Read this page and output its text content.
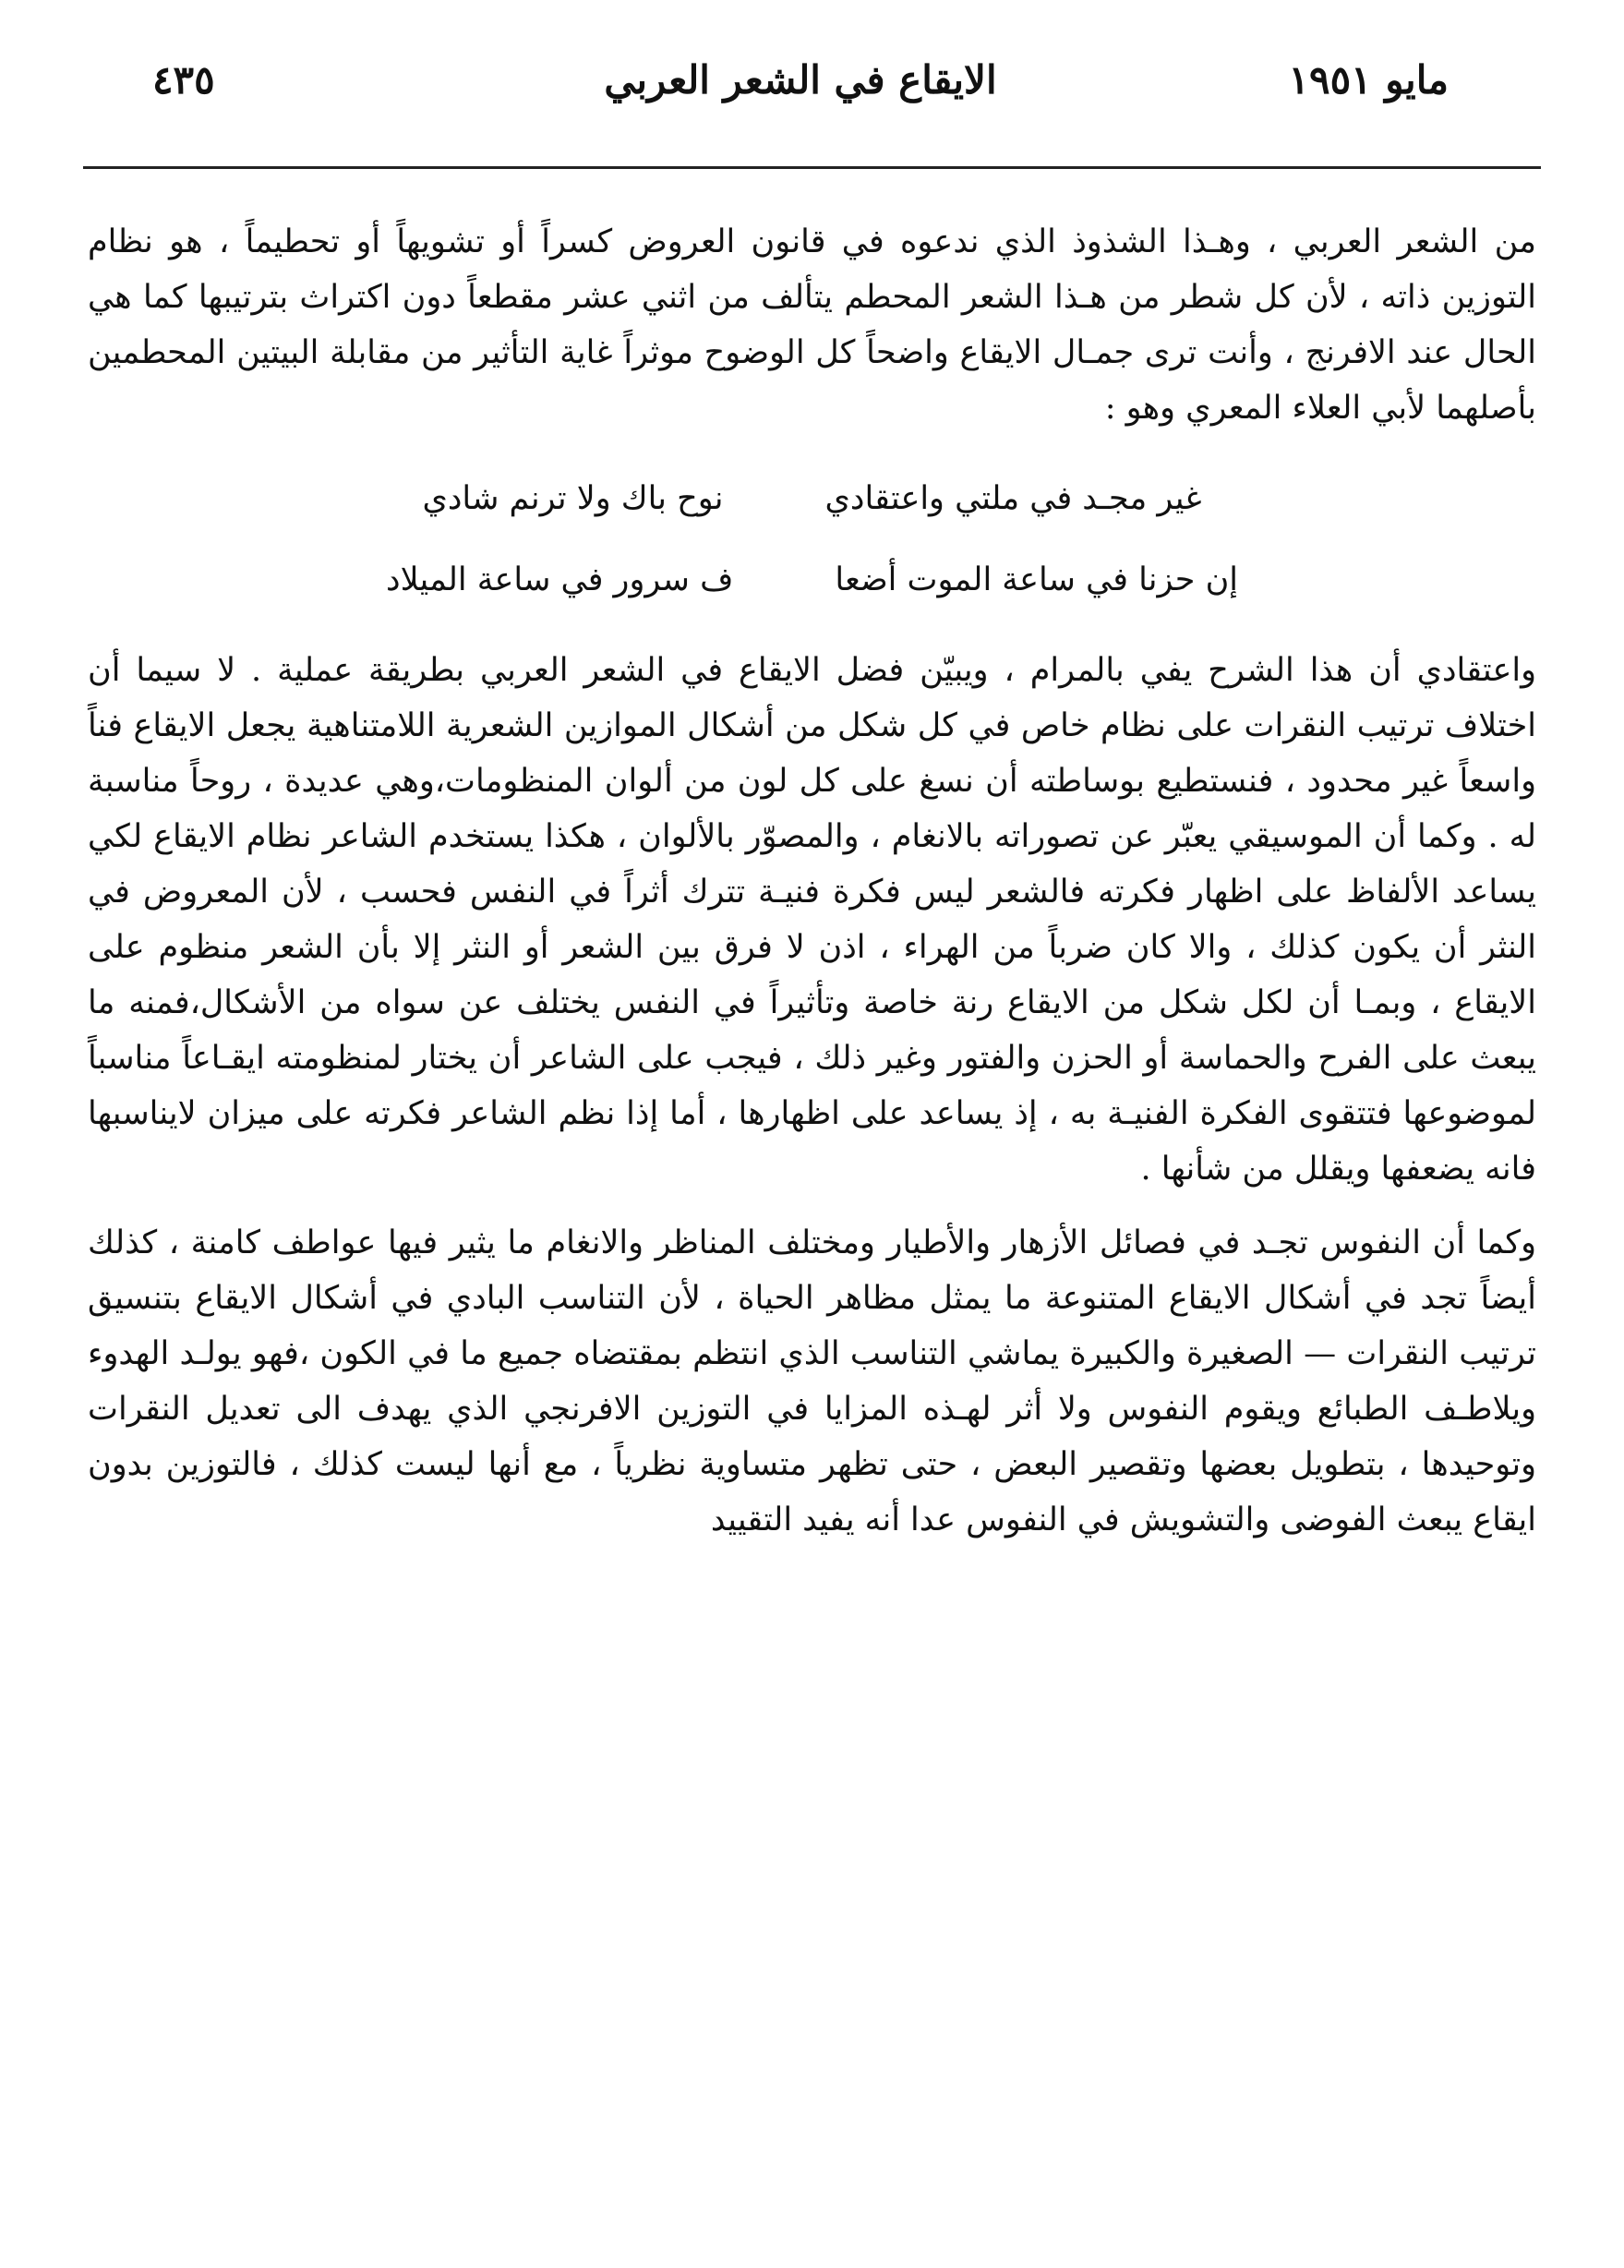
مايو ١٩٥١
الايقاع في الشعر العربي
٤٣٥

من الشعر العربي ، وهـذا الشذوذ الذي ندعوه في قانون العروض كسراً أو تشويهاً أو تحطيماً ، هو نظام التوزين ذاته ، لأن كل شطر من هـذا الشعر المحطم يتألف من اثني عشر مقطعاً دون اكتراث بترتيبها كما هي الحال عند الافرنج ، وأنت ترى جمـال الايقاع واضحاً كل الوضوح موثراً غاية التأثير من مقابلة البيتين المحطمين بأصلهما لأبي العلاء المعري وهو :

غير مجـد في ملتي واعتقادي
نوح باك ولا ترنم شادي
إن حزنا في ساعة الموت أضعا
ف سرور في ساعة الميلاد

واعتقادي أن هذا الشرح يفي بالمرام ، ويبيّن فضل الايقاع في الشعر العربي بطريقة عملية . لا سيما أن اختلاف ترتيب النقرات على نظام خاص في كل شكل من أشكال الموازين الشعرية اللامتناهية يجعل الايقاع فناً واسعاً غير محدود ، فنستطيع بوساطته أن نسغ على كل لون من ألوان المنظومات،وهي عديدة ، روحاً مناسبة له . وكما أن الموسيقي يعبّر عن تصوراته بالانغام ، والمصوّر بالألوان ، هكذا يستخدم الشاعر نظام الايقاع لكي يساعد الألفاظ على اظهار فكرته فالشعر ليس فكرة فنيـة تترك أثراً في النفس فحسب ، لأن المعروض في النثر أن يكون كذلك ، والا كان ضرباً من الهراء ، اذن لا فرق بين الشعر أو النثر إلا بأن الشعر منظوم على الايقاع ، وبمـا أن لكل شكل من الايقاع رنة خاصة وتأثيراً في النفس يختلف عن سواه من الأشكال،فمنه ما يبعث على الفرح والحماسة أو الحزن والفتور وغير ذلك ، فيجب على الشاعر أن يختار لمنظومته ايقـاعاً مناسباً لموضوعها فتتقوى الفكرة الفنيـة به ، إذ يساعد على اظهارها ، أما إذا نظم الشاعر فكرته على ميزان لايناسبها فانه يضعفها ويقلل من شأنها .

وكما أن النفوس تجـد في فصائل الأزهار والأطيار ومختلف المناظر والانغام ما يثير فيها عواطف كامنة ، كذلك أيضاً تجد في أشكال الايقاع المتنوعة ما يمثل مظاهر الحياة ، لأن التناسب البادي في أشكال الايقاع بتنسيق ترتيب النقرات — الصغيرة والكبيرة يماشي التناسب الذي انتظم بمقتضاه جميع ما في الكون ،فهو يولـد الهدوء ويلاطـف الطبائع ويقوم النفوس ولا أثر لهـذه المزايا في التوزين الافرنجي الذي يهدف الى تعديل النقرات وتوحيدها ، بتطويل بعضها وتقصير البعض ، حتى تظهر متساوية نظرياً ، مع أنها ليست كذلك ، فالتوزين بدون ايقاع يبعث الفوضى والتشويش في النفوس عدا أنه يفيد التقييد
